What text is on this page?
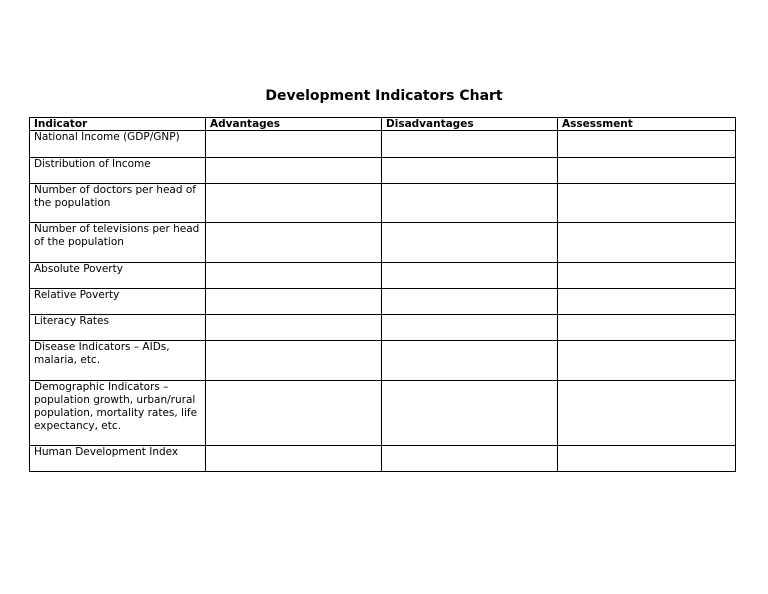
Development Indicators Chart
Indicator	Advantages	Disadvantages	Assessment
National Income (GDP/GNP)			
Distribution of Income			
Number of doctors per head of the population			
Number of televisions per head of the population			
Absolute Poverty			
Relative Poverty			
Literacy Rates			
Disease Indicators – AIDs, malaria, etc.			
Demographic Indicators – population growth, urban/rural population, mortality rates, life expectancy, etc.			
Human Development Index			
